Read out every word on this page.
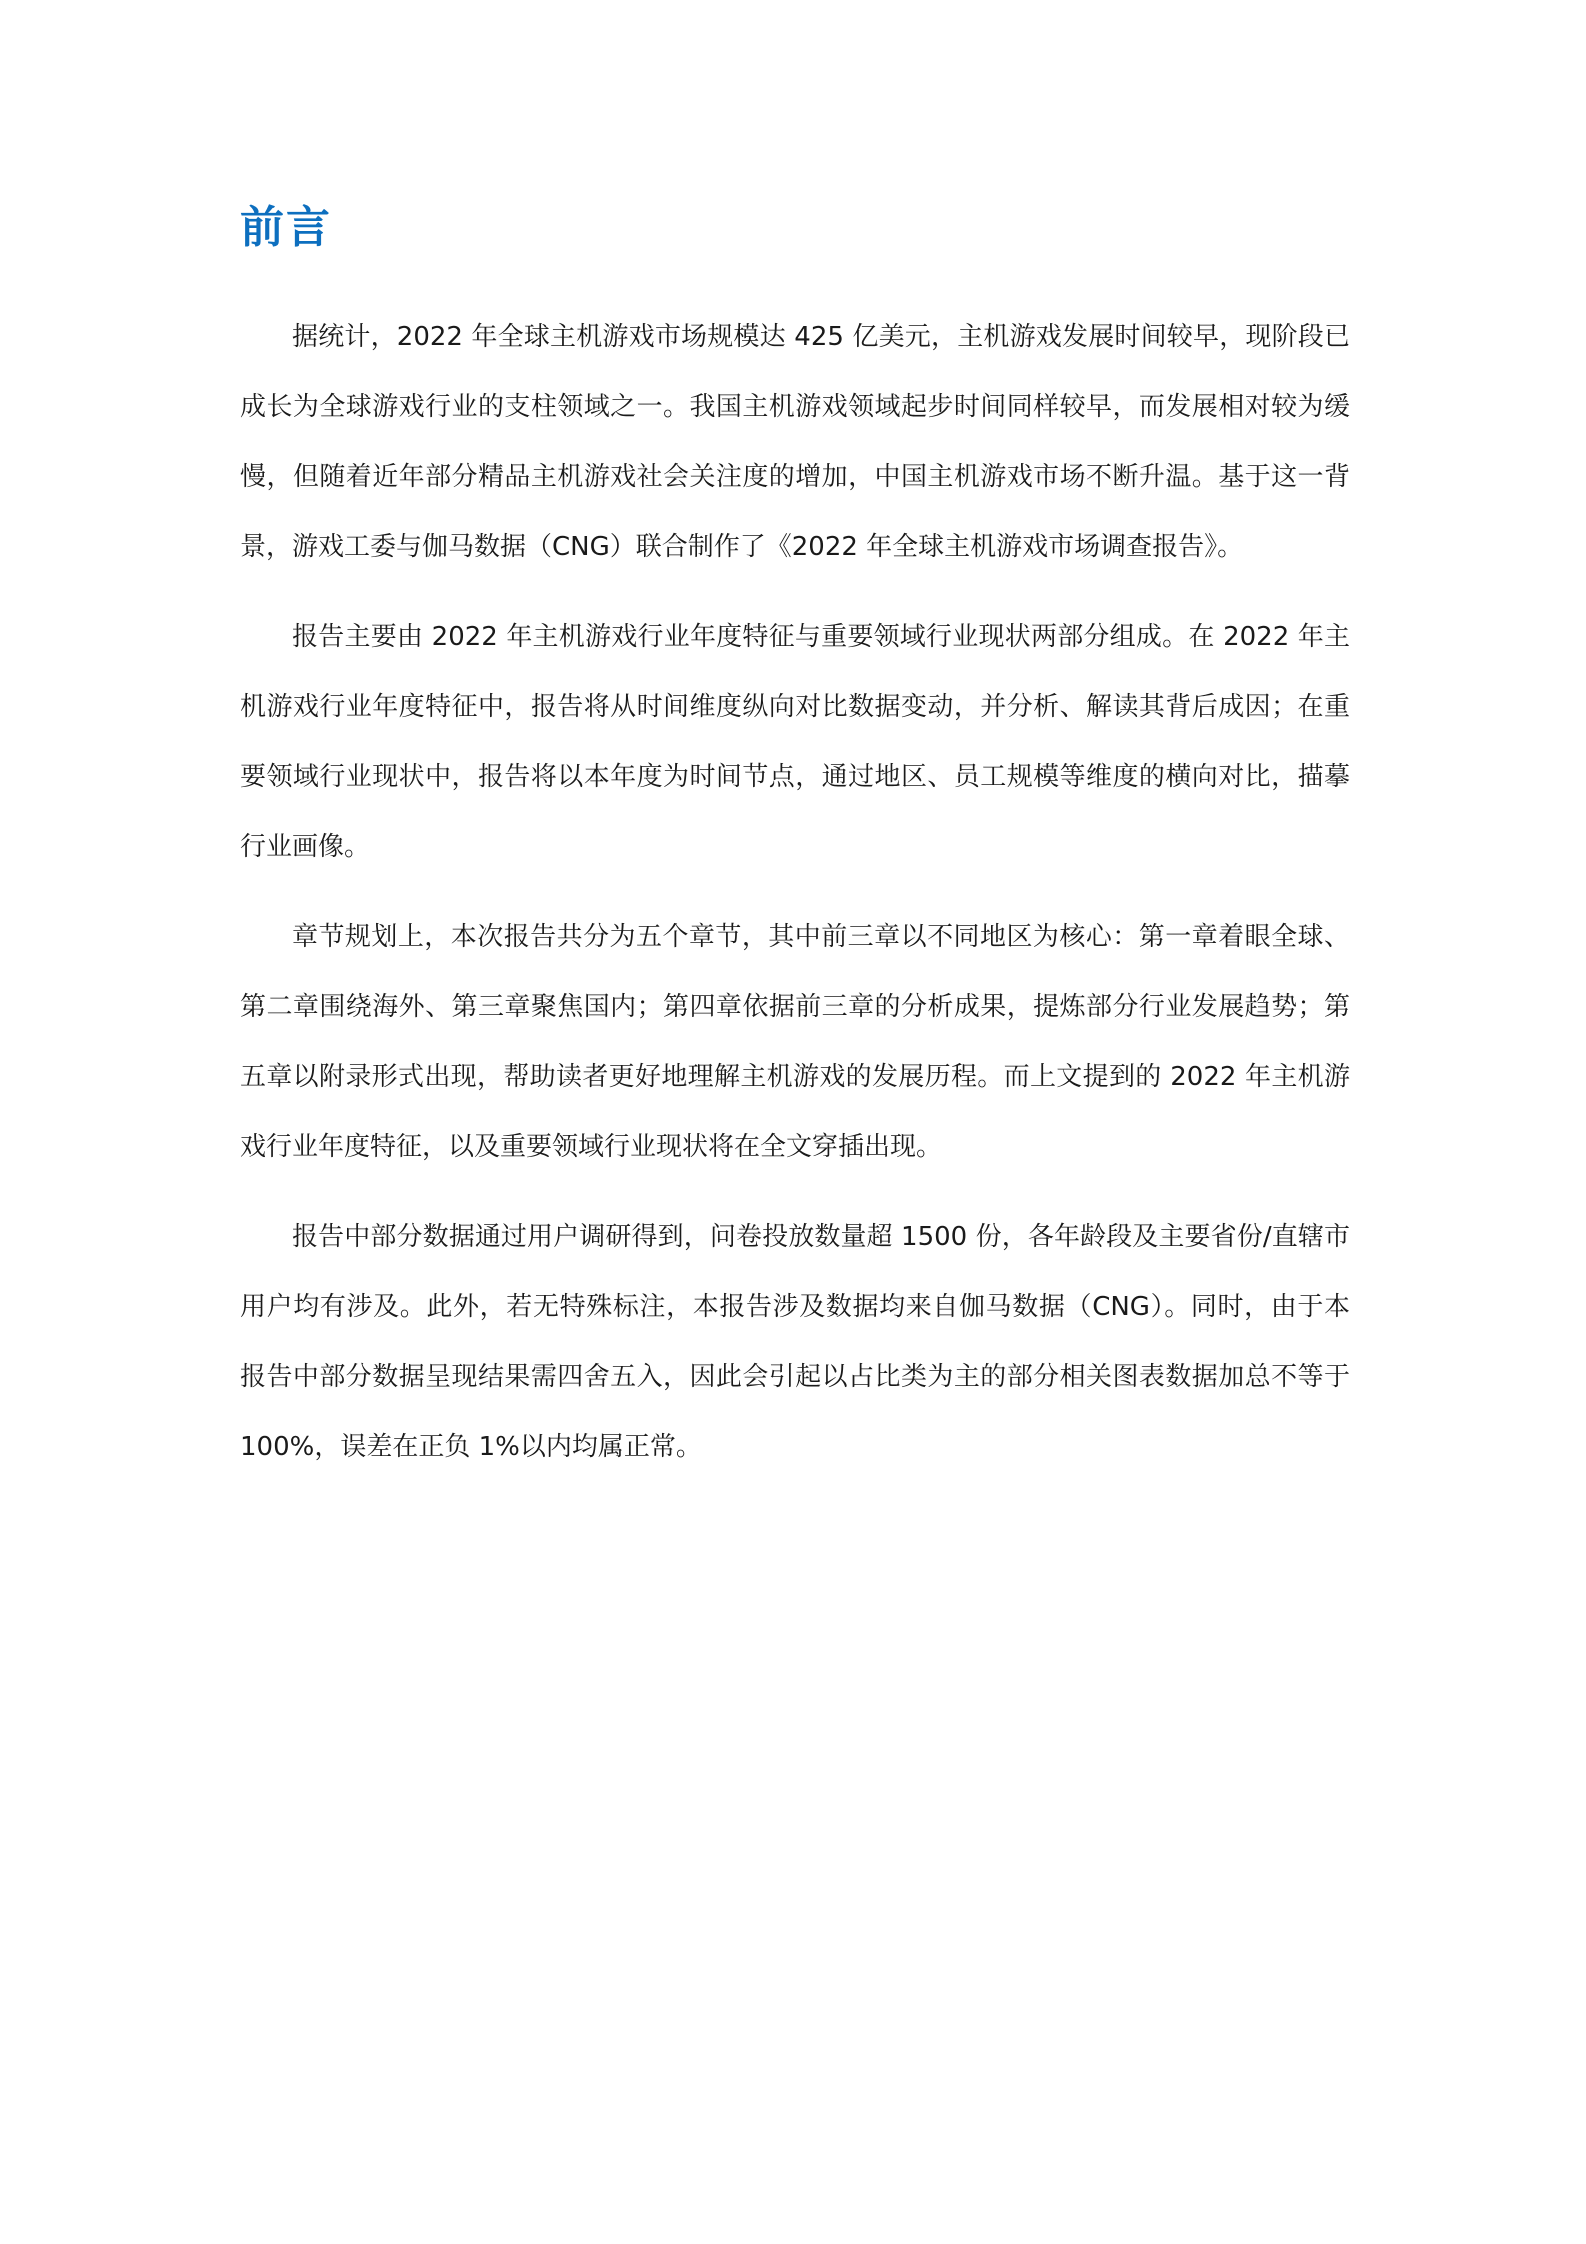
前言

据统计，2022 年全球主机游戏市场规模达 425 亿美元，主机游戏发展时间较早，现阶段已成长为全球游戏行业的支柱领域之一。我国主机游戏领域起步时间同样较早，而发展相对较为缓慢，但随着近年部分精品主机游戏社会关注度的增加，中国主机游戏市场不断升温。基于这一背景，游戏工委与伽马数据（CNG）联合制作了《2022 年全球主机游戏市场调查报告》。

报告主要由 2022 年主机游戏行业年度特征与重要领域行业现状两部分组成。在 2022 年主机游戏行业年度特征中，报告将从时间维度纵向对比数据变动，并分析、解读其背后成因；在重要领域行业现状中，报告将以本年度为时间节点，通过地区、员工规模等维度的横向对比，描摹行业画像。

章节规划上，本次报告共分为五个章节，其中前三章以不同地区为核心：第一章着眼全球、第二章围绕海外、第三章聚焦国内；第四章依据前三章的分析成果，提炼部分行业发展趋势；第五章以附录形式出现，帮助读者更好地理解主机游戏的发展历程。而上文提到的 2022 年主机游戏行业年度特征，以及重要领域行业现状将在全文穿插出现。

报告中部分数据通过用户调研得到，问卷投放数量超 1500 份，各年龄段及主要省份/直辖市用户均有涉及。此外，若无特殊标注，本报告涉及数据均来自伽马数据（CNG）。同时，由于本报告中部分数据呈现结果需四舍五入，因此会引起以占比类为主的部分相关图表数据加总不等于 100%，误差在正负 1%以内均属正常。
